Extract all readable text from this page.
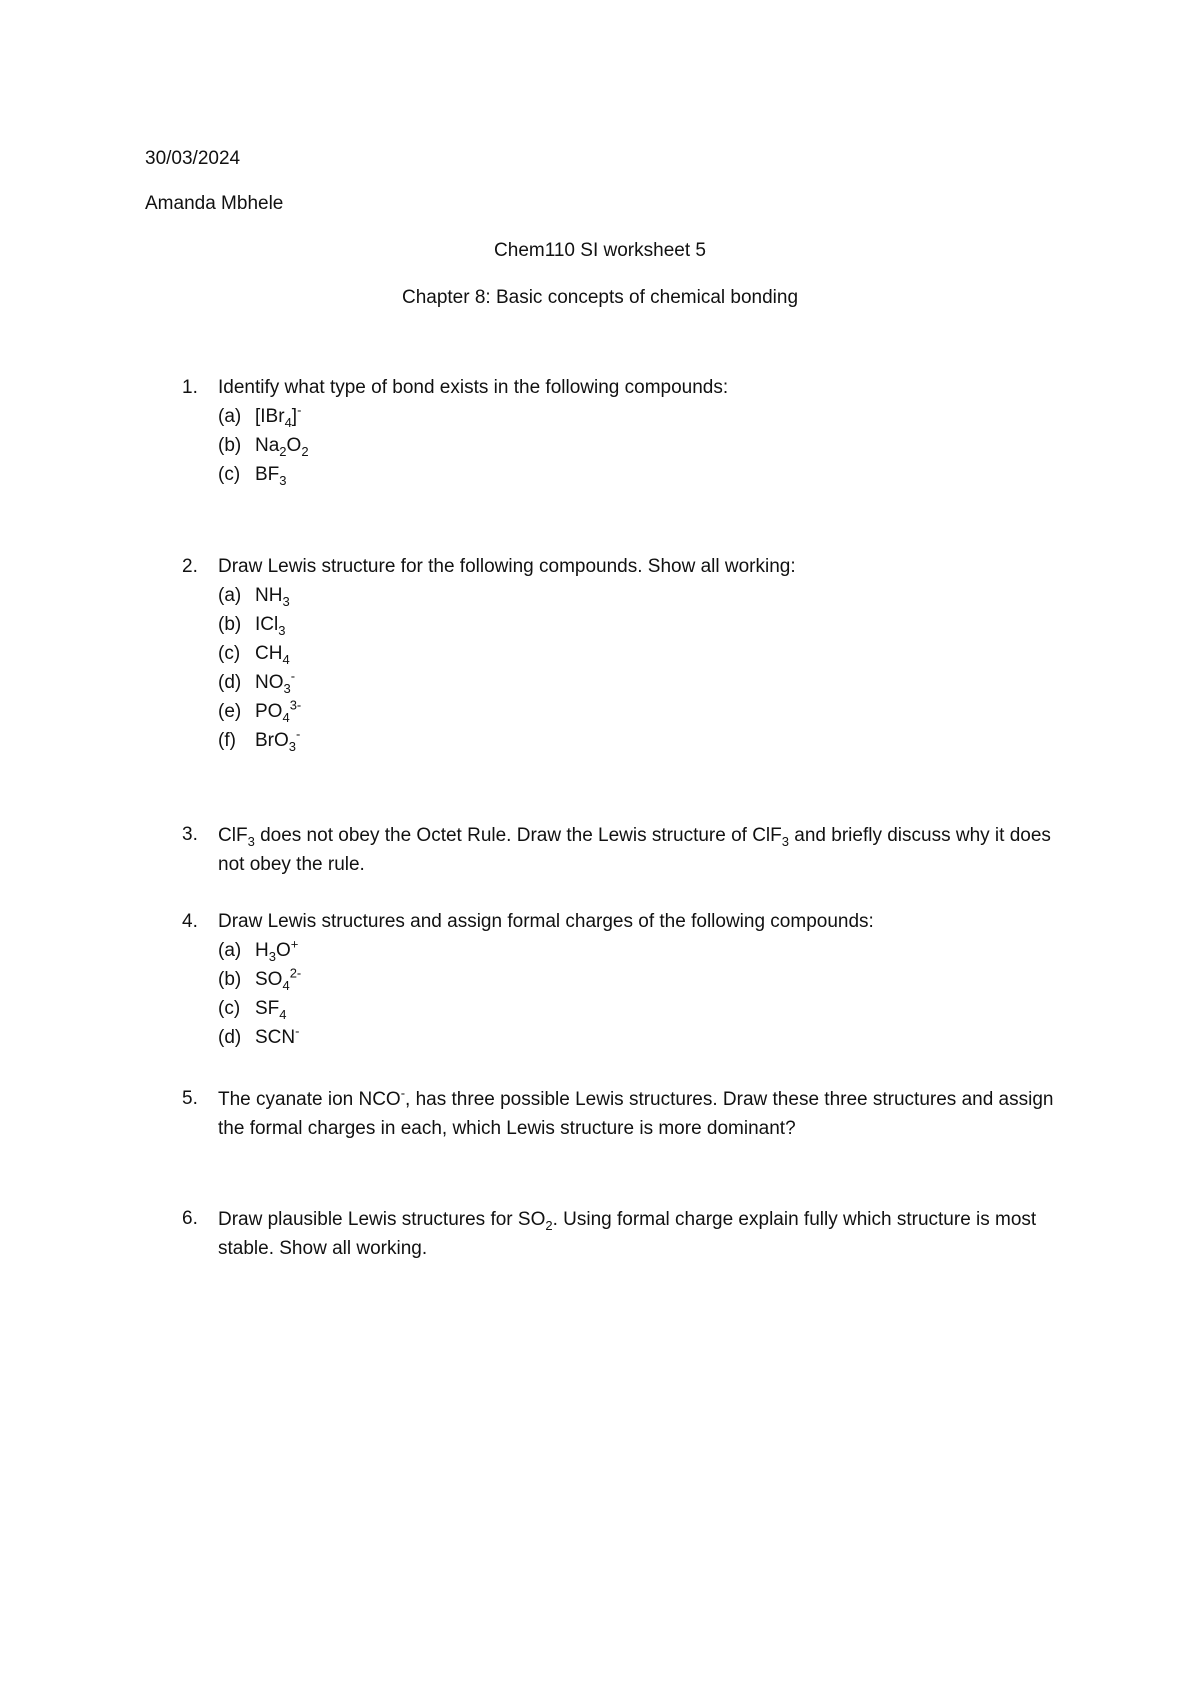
30/03/2024
Amanda Mbhele
Chem110 SI worksheet 5
Chapter 8: Basic concepts of chemical bonding
1. Identify what type of bond exists in the following compounds:
(a) [IBr$_4$]-
(b) $Na_2O_2$
(c) $BF_3$
2. Draw Lewis structure for the following compounds. Show all working:
(a) $NH_3$
(b) ICl$_3$
(c) $CH_4$
(d) $NO_3^-$
(e) $PO_4^{3-}$
(f) BrO$_3$-
3. ClF$_3$ does not obey the Octet Rule. Draw the Lewis structure of ClF$_3$ and briefly discuss why it does not obey the rule.
4. Draw Lewis structures and assign formal charges of the following compounds:
(a) $H_3O^+$
(b) $SO_4^{2-}$
(c) $SF_4$
(d) SCN-
5. The cyanate ion NCO-, has three possible Lewis structures. Draw these three structures and assign the formal charges in each, which Lewis structure is more dominant?
6. Draw plausible Lewis structures for $SO_2$. Using formal charge explain fully which structure is most stable. Show all working.
